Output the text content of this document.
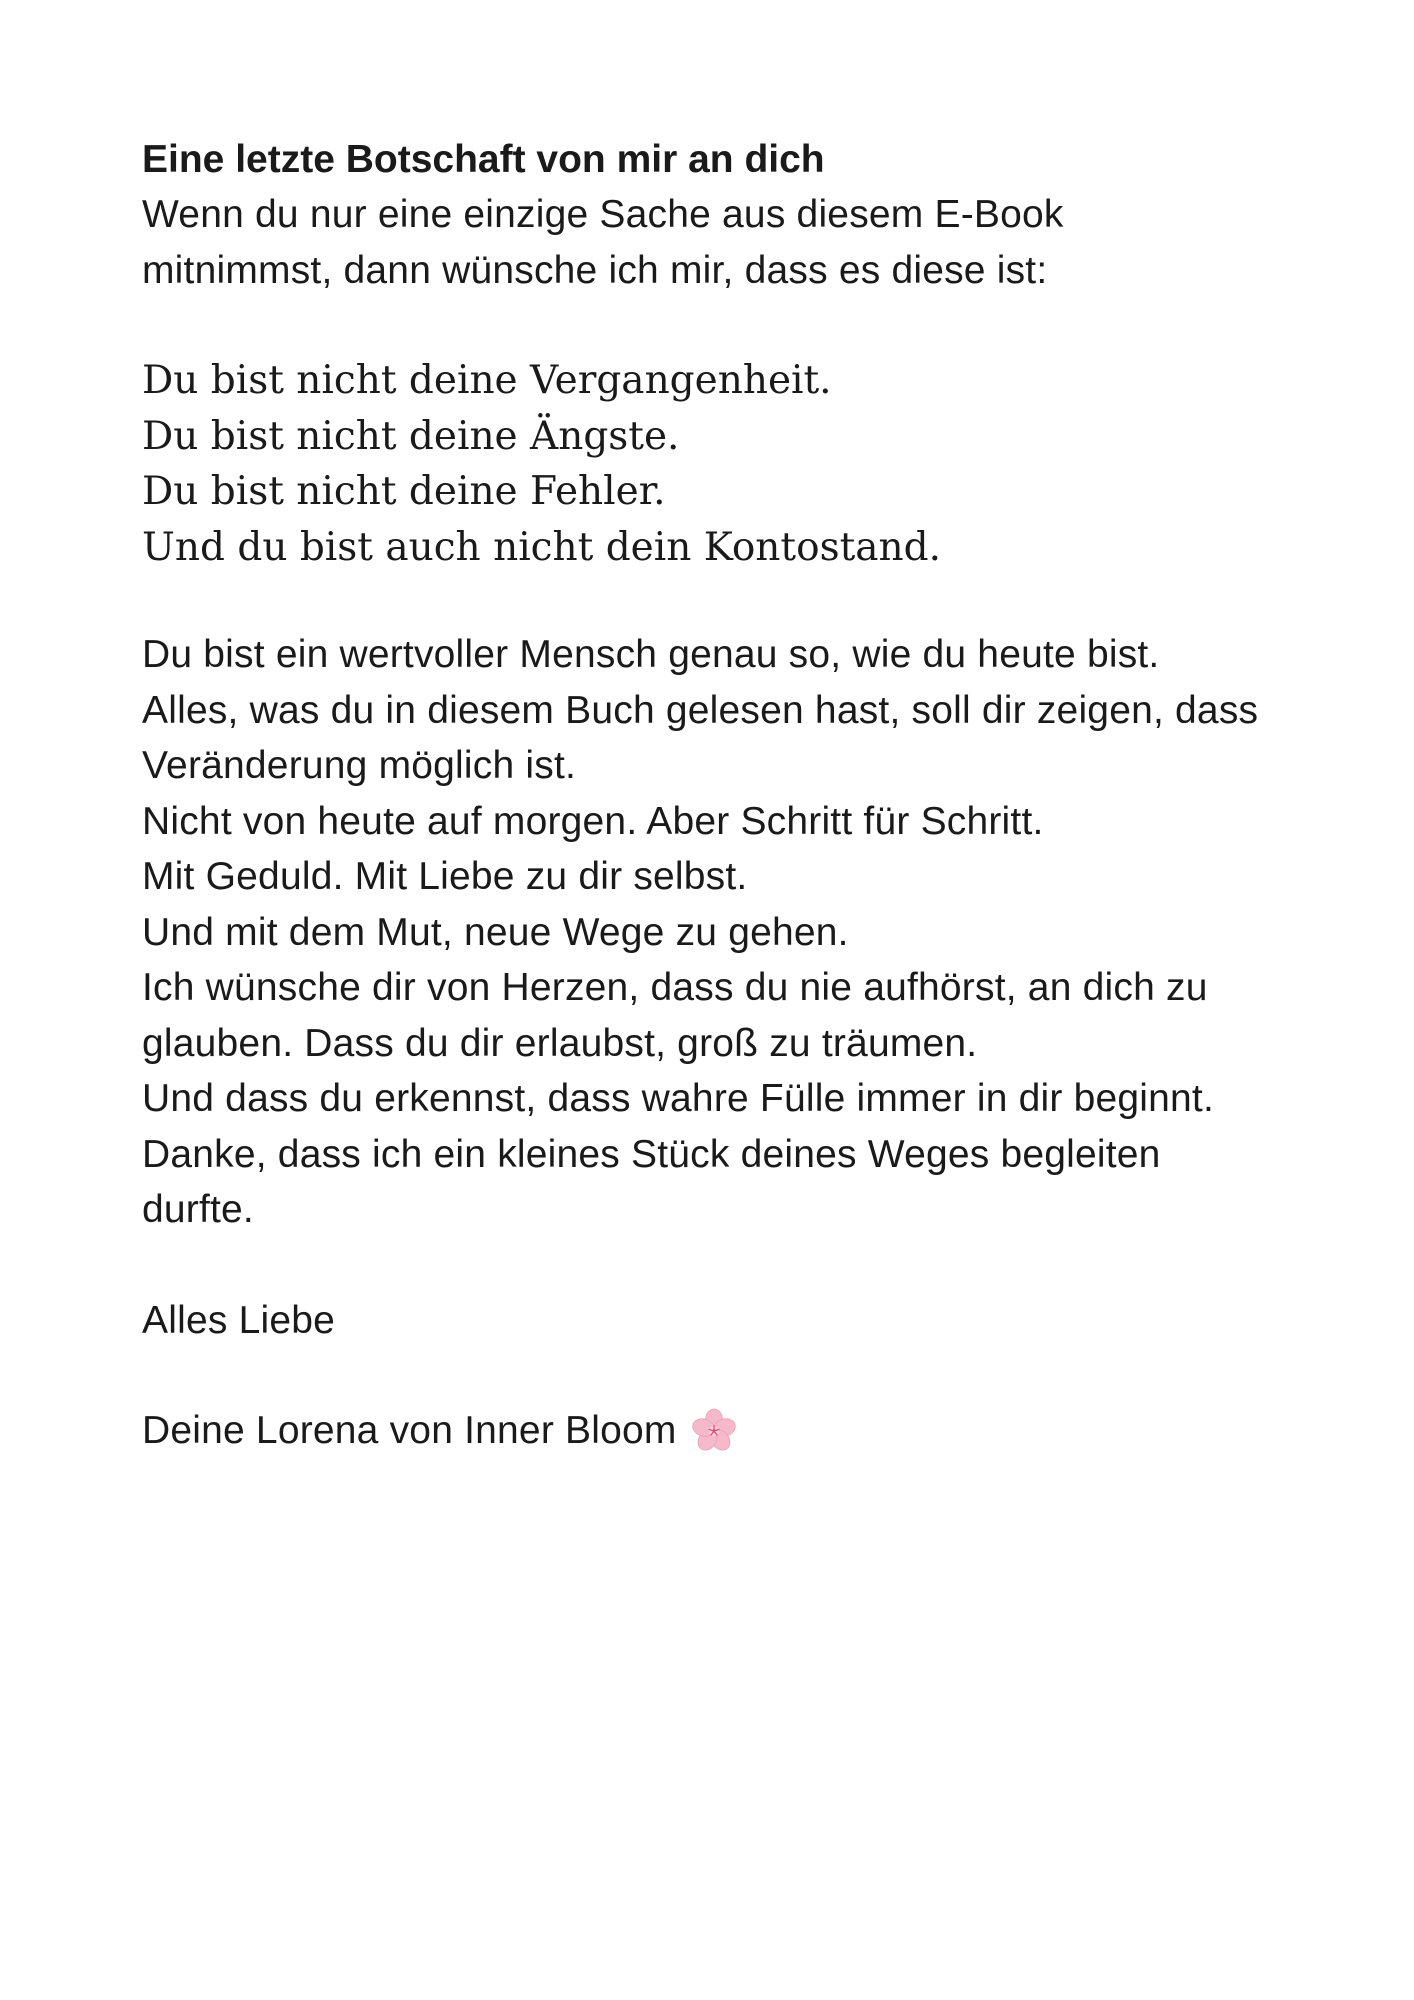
Eine letzte Botschaft von mir an dich
Wenn du nur eine einzige Sache aus diesem E-Book
mitnimmst, dann wünsche ich mir, dass es diese ist:
Du bist nicht deine Vergangenheit.
Du bist nicht deine Ängste.
Du bist nicht deine Fehler.
Und du bist auch nicht dein Kontostand.
Du bist ein wertvoller Mensch genau so, wie du heute bist.
Alles, was du in diesem Buch gelesen hast, soll dir zeigen, dass
Veränderung möglich ist.
Nicht von heute auf morgen. Aber Schritt für Schritt.
Mit Geduld. Mit Liebe zu dir selbst.
Und mit dem Mut, neue Wege zu gehen.
Ich wünsche dir von Herzen, dass du nie aufhörst, an dich zu
glauben. Dass du dir erlaubst, groß zu träumen.
Und dass du erkennst, dass wahre Fülle immer in dir beginnt.
Danke, dass ich ein kleines Stück deines Weges begleiten
durfte.
Alles Liebe
Deine Lorena von Inner Bloom
